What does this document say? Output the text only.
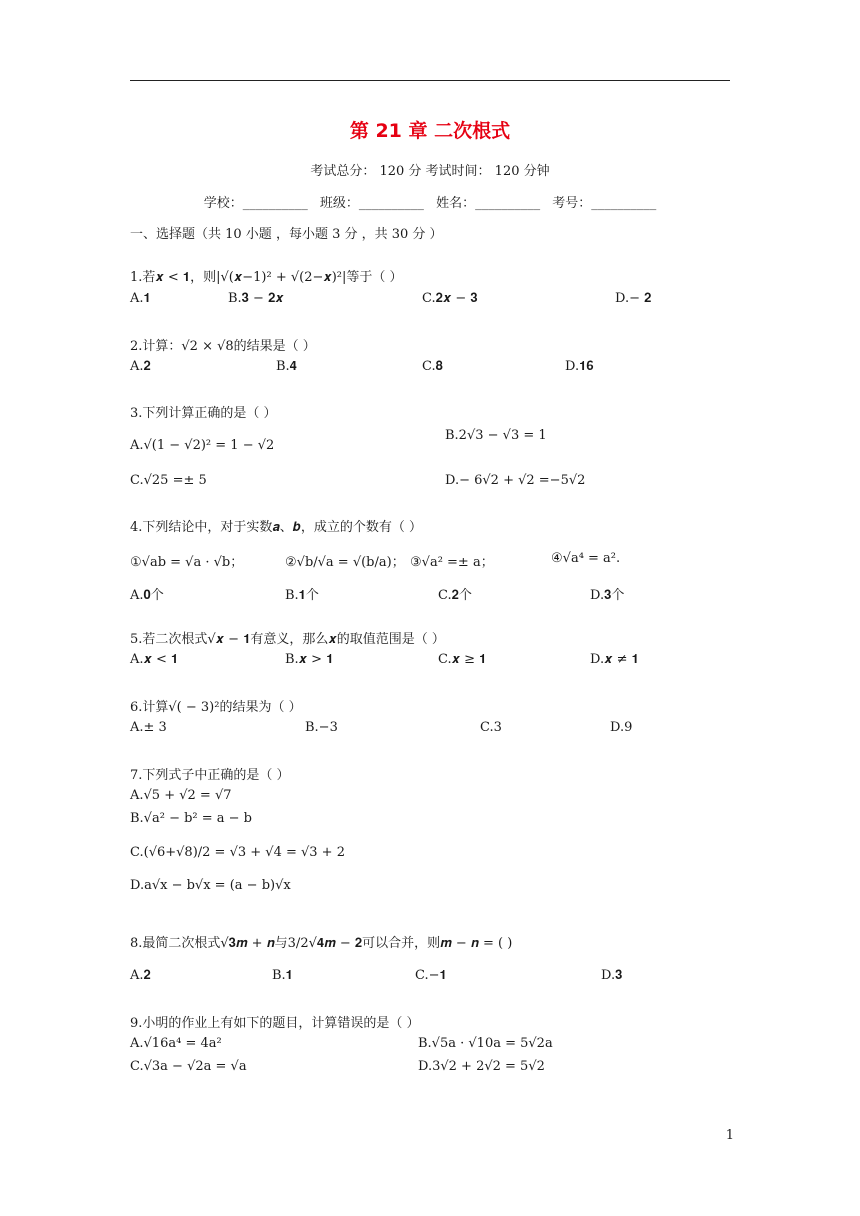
第 21 章 二次根式
考试总分： 120 分 考试时间： 120 分钟
学校：__________ 班级：__________ 姓名：__________ 考号：__________
一、选择题（共 10 小题 ，每小题 3 分 ，共 30 分 ）
1.若𝒙 < 𝟏，则|√(𝒙−1)² + √(2−𝒙)²|等于（ ）
A.𝟏	B.𝟑 − 𝟐𝒙	C.𝟐𝒙 − 𝟑	D.− 𝟐
2.计算：√2 × √8的结果是（ ）
A.𝟐	B.𝟒	C.𝟖	D.𝟏𝟔
3.下列计算正确的是（ ）
A.√(1 − √2)² = 1 − √2
B.2√3 − √3 = 1
C.√25 =± 5	D.− 6√2 + √2 =−5√2
4.下列结论中，对于实数𝒂、𝒃，成立的个数有（ ）
①√ab = √a · √b；	②√b/√a = √(b/a)； ③√a² =± a；	④√a⁴ = a².
A.𝟎个	B.𝟏个	C.𝟐个	D.𝟑个
5.若二次根式√𝒙 − 𝟏有意义，那么𝒙的取值范围是（ ）
A.𝒙 < 𝟏	B.𝒙 > 𝟏	C.𝒙 ≥ 𝟏	D.𝒙 ≠ 𝟏
6.计算√( − 3)²的结果为（ ）
A.± 3	B.−3	C.3	D.9
7.下列式子中正确的是（ ）
A.√5 + √2 = √7
B.√a² − b² = a − b
C.(√6+√8)/2 = √3 + √4 = √3 + 2
D.a√x − b√x = (a − b)√x
8.最简二次根式√𝟑𝒎 + 𝒏与3/2√𝟒𝒎 − 𝟐可以合并，则𝒎 − 𝒏 = ( )
A.𝟐	B.𝟏	C.−𝟏	D.𝟑
9.小明的作业上有如下的题目，计算错误的是（ ）
A.√16a⁴ = 4a²	B.√5a · √10a = 5√2a
C.√3a − √2a = √a	D.3√2 + 2√2 = 5√2
1
